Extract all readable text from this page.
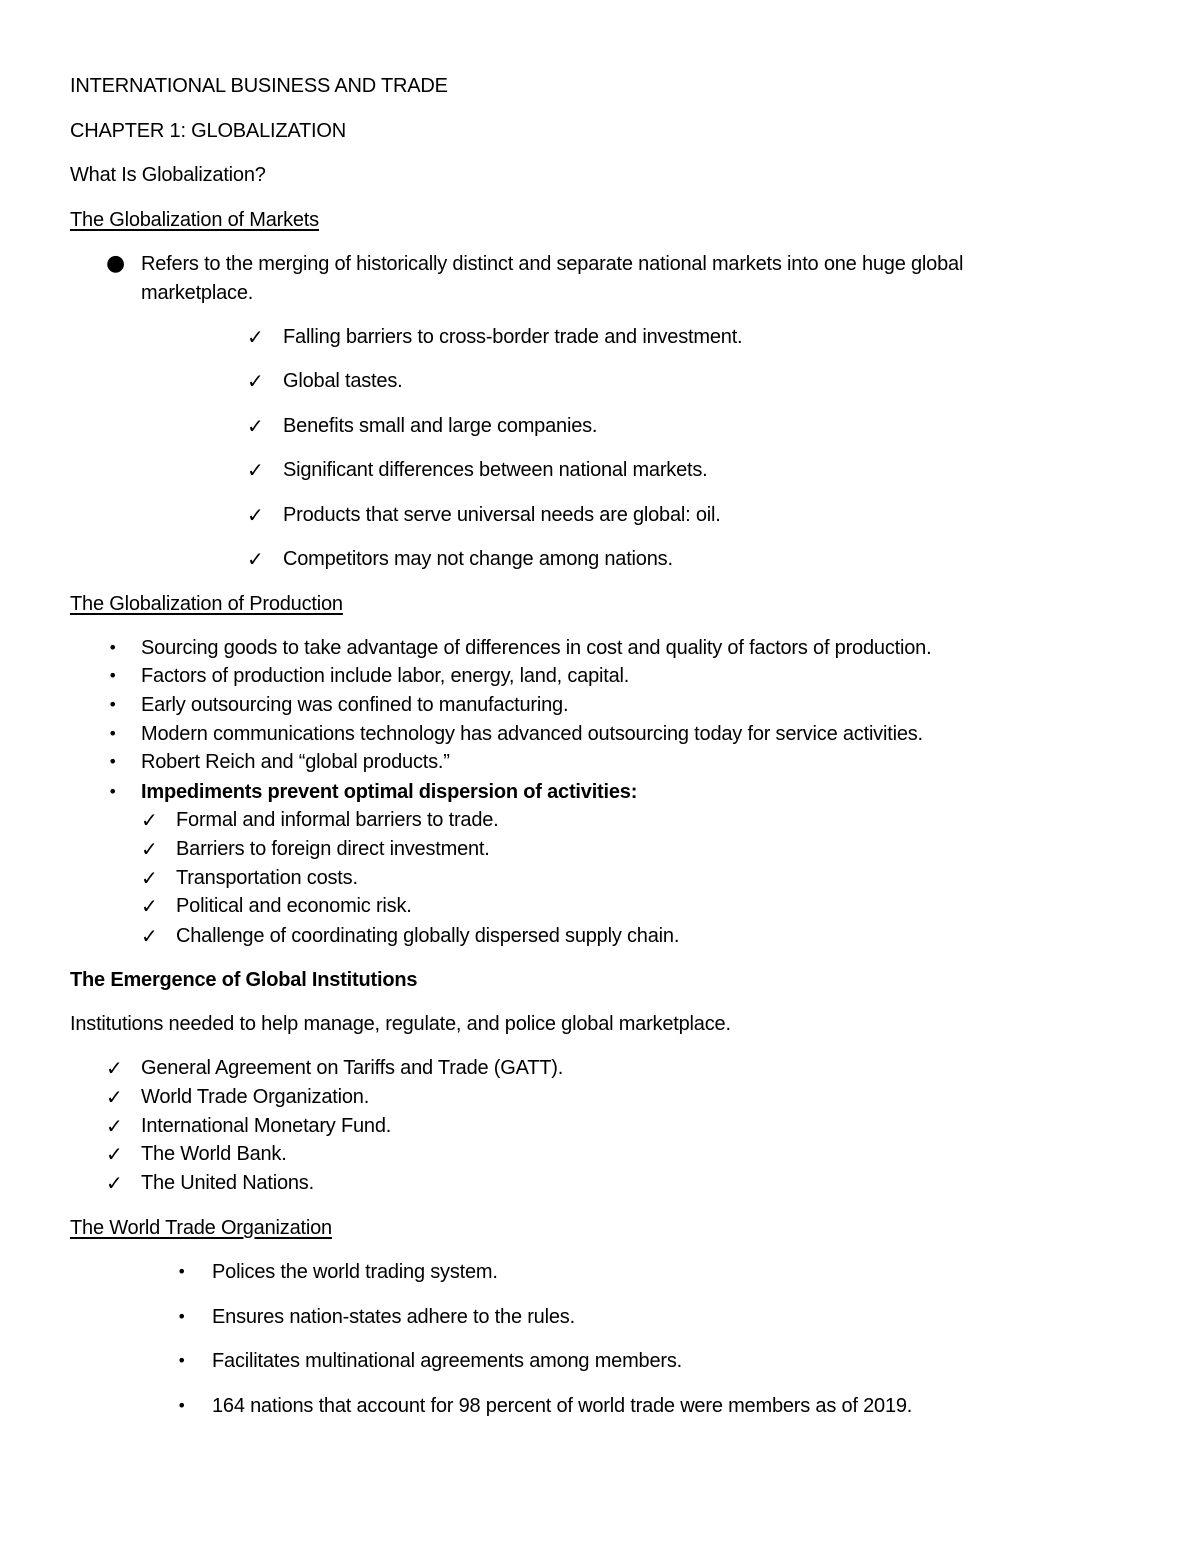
INTERNATIONAL BUSINESS AND TRADE
CHAPTER 1: GLOBALIZATION
What Is Globalization?
The Globalization of Markets
● Refers to the merging of historically distinct and separate national markets into one huge global
marketplace.
✓ Falling barriers to cross-border trade and investment.
✓ Global tastes.
✓ Benefits small and large companies.
✓ Significant differences between national markets.
✓ Products that serve universal needs are global: oil.
✓ Competitors may not change among nations.
The Globalization of Production
• Sourcing goods to take advantage of differences in cost and quality of factors of production.
• Factors of production include labor, energy, land, capital.
• Early outsourcing was confined to manufacturing.
• Modern communications technology has advanced outsourcing today for service activities.
• Robert Reich and “global products.”
• Impediments prevent optimal dispersion of activities:
✓ Formal and informal barriers to trade.
✓ Barriers to foreign direct investment.
✓ Transportation costs.
✓ Political and economic risk.
✓ Challenge of coordinating globally dispersed supply chain.
The Emergence of Global Institutions
Institutions needed to help manage, regulate, and police global marketplace.
✓ General Agreement on Tariffs and Trade (GATT).
✓ World Trade Organization.
✓ International Monetary Fund.
✓ The World Bank.
✓ The United Nations.
The World Trade Organization
• Polices the world trading system.
• Ensures nation-states adhere to the rules.
• Facilitates multinational agreements among members.
• 164 nations that account for 98 percent of world trade were members as of 2019.
